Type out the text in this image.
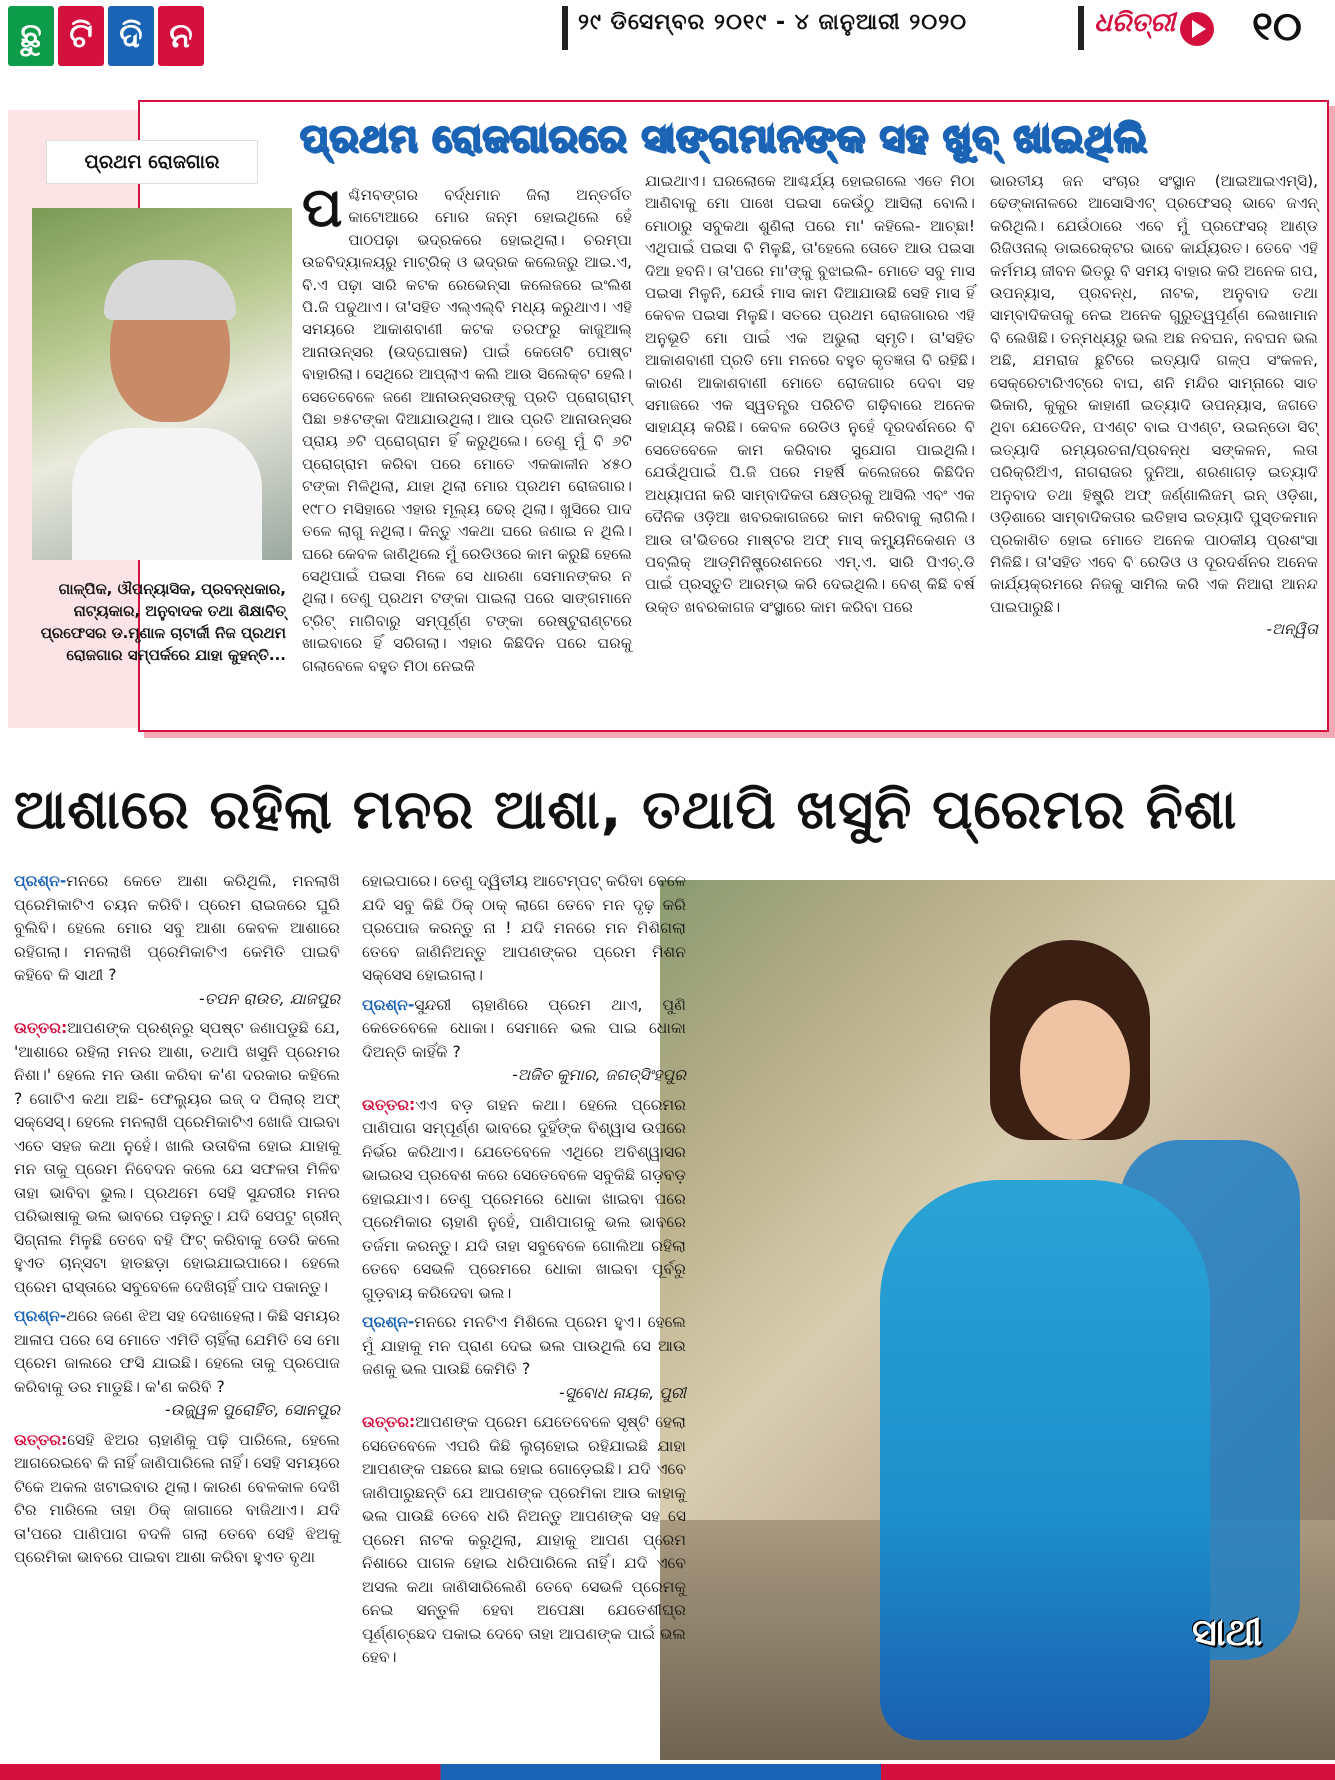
ଛୁ ଟି ଦି ନ	୨୯ ଡିସେମ୍ବର ୨୦୧୯ - ୪ ଜାନୁଆରୀ ୨୦୨୦	ଧରିତ୍ରୀ ୧୦
ପ୍ରଥମ ରୋଜଗାର
ଗାଳ୍ପିକ, ଔପନ୍ୟାସିକ, ପ୍ରବନ୍ଧକାର, ନାଟ୍ୟକାର, ଅନୁବାଦକ ତଥା ଶିକ୍ଷାବିତ୍ ପ୍ରଫେସର ଡ.ମୃଣାଳ ଚାଟାର୍ଜୀ ନିଜ ପ୍ରଥମ ରୋଜଗାର ସମ୍ପର୍କରେ ଯାହା କୁହନ୍ତି...
ପ୍ରଥମ ରୋଜଗାରରେ ସାଙ୍ଗମାନଙ୍କ ସହ ଖୁବ୍ ଖାଇଥିଲି
ପଶ୍ଚିମବଙ୍ଗର ବର୍ଦ୍ଧମାନ ଜିଲା ଅନ୍ତର୍ଗତ କାଟୋଆରେ ମୋର ଜନ୍ମ ହୋଇଥିଲେ ହେଁ ପାଠପଢ଼ା ଭଦ୍ରକରେ ହୋଇଥିଲା। ଚରମ୍ପା ଉଚ୍ଚବିଦ୍ୟାଳୟରୁ ମାଟ୍ରିକ୍ ଓ ଭଦ୍ରକ କଲେଜରୁ ଆଇ.ଏ, ବି.ଏ ପଢ଼ା ସାରି କଟକ ରେଭେନ୍ସା କଲେଜରେ ଇଂଲିଶ ପି.ଜି ପଢୁଥାଏ। ତା'ସହିତ ଏଲ୍ଏଲ୍‌ବି ମଧ୍ୟ କରୁଥାଏ। ଏହି ସମୟରେ ଆକାଶବାଣୀ କଟକ ତରଫରୁ କାଜୁଆଲ୍ ଆନାଉନ୍ସର (ଉଦ୍‌ଘୋଷକ) ପାଇଁ କେତୋଟି ପୋଷ୍ଟ ବାହାରିଲା। ସେଥିରେ ଆପ୍ଲାଏ କଲି ଆଉ ସିଲେକ୍ଟ ହେଲି। ସେତେବେଳେ ଜଣେ ଆନାଉନ୍ସରଙ୍କୁ ପ୍ରତି ପ୍ରୋଗ୍ରାମ୍ ପିଛା ୭୫ଟଙ୍କା ଦିଆଯାଉଥିଲା। ଆଉ ପ୍ରତି ଆନାଉନ୍ସର ପ୍ରାୟ ୬ଟି ପ୍ରୋଗ୍ରାମ ହିଁ କରୁଥିଲେ। ତେଣୁ ମୁଁ ବି ୬ଟି ପ୍ରୋଗ୍ରାମ କରିବା ପରେ ମୋତେ ଏକକାଳୀନ ୪୫୦ ଟଙ୍କା ମିଳିଥିଲା, ଯାହା ଥିଲା ମୋର ପ୍ରଥମ ରୋଜଗାର। ୧୯୮୦ ମସିହାରେ ଏହାର ମୂଲ୍ୟ ଢେର୍ ଥିଲା। ଖୁସିରେ ପାଦ ତଳେ ଲାଗୁ ନଥିଲା। କିନ୍ତୁ ଏକଥା ଘରେ ଜଣାଇ ନ ଥିଲି। ଘରେ କେବଳ ଜାଣିଥିଲେ ମୁଁ ରେଡିଓରେ କାମ କରୁଛି ହେଲେ ସେଥିପାଇଁ ପଇସା ମିଳେ ସେ ଧାରଣା ସେମାନଙ୍କର ନ ଥିଲା। ତେଣୁ ପ୍ରଥମ ଟଙ୍କା ପାଇଲା ପରେ ସାଙ୍ଗମାନେ ଟ୍ରିଟ୍ ମାଗିବାରୁ ସମ୍ପୂର୍ଣ୍ଣ ଟଙ୍କା ରେଷ୍ଟୁରାଣ୍ଟରେ ଖାଇବାରେ ହିଁ ସରିଗଲା। ଏହାର କିଛିଦିନ ପରେ ଘରକୁ ଗଲାବେଳେ ବହୁତ ମିଠା ନେଇକି
ଯାଇଥାଏ। ଘରଲୋକେ ଆଶ୍ଚର୍ଯ୍ୟ ହୋଇଗଲେ ଏତେ ମିଠା ଆଣିବାକୁ ମୋ ପାଖେ ପଇସା କେଉଁଠୁ ଆସିଲା ବୋଲି। ମୋଠାରୁ ସବୁକଥା ଶୁଣିଲା ପରେ ମା' କହିଲେ- ଆଚ୍ଛା! ଏଥିପାଇଁ ପଇସା ବି ମିଳୁଛି, ତା'ହେଲେ ତୋତେ ଆଉ ପଇସା ଦିଆ ହବନି। ତା'ପରେ ମା'ଙ୍କୁ ବୁଝାଇଲି- ମୋତେ ସବୁ ମାସ ପଇସା ମିଳୁନି, ଯେଉଁ ମାସ କାମ ଦିଆଯାଉଛି ସେହି ମାସ ହିଁ କେବଳ ପଇସା ମିଳୁଛି। ସତରେ ପ୍ରଥମ ରୋଜଗାରର ଏହି ଅନୁଭୂତି ମୋ ପାଇଁ ଏକ ଅଭୁଲା ସ୍ମୃତି। ତା'ସହିତ ଆକାଶବାଣୀ ପ୍ରତି ମୋ ମନରେ ବହୁତ କୃତଜ୍ଞତା ବି ରହିଛି। କାରଣ ଆକାଶବାଣୀ ମୋତେ ରୋଜଗାର ଦେବା ସହ ସମାଜରେ ଏକ ସ୍ୱତନ୍ତ୍ର ପରିଚିତି ଗଢ଼ିବାରେ ଅନେକ ସାହାଯ୍ୟ କରିଛି। କେବଳ ରେଡିଓ ନୁହେଁ ଦୂରଦର୍ଶନରେ ବି ସେତେବେଳେ କାମ କରିବାର ସୁଯୋଗ ପାଇଥିଲି। ଯେଉଁଥିପାଇଁ ପି.ଜି ପରେ ମହର୍ଷି କଲେଜରେ କିଛିଦିନ ଅଧ୍ୟାପନା କରି ସାମ୍ବାଦିକତା କ୍ଷେତ୍ରକୁ ଆସିଲି ଏବଂ ଏକ ଦୈନିକ ଓଡ଼ିଆ ଖବରକାଗଜରେ କାମ କରିବାକୁ ଲାଗିଲି। ଆଉ ତା'ଭିତରେ ମାଷ୍ଟର ଅଫ୍ ମାସ୍ କମ୍ୟୁନିକେଶନ ଓ ପବ୍ଲିକ୍ ଆଡ୍‌ମିନିଷ୍ଟ୍ରେଶନରେ ଏମ୍.ଏ. ସାରି ପିଏଚ୍.ଡି ପାଇଁ ପ୍ରସ୍ତୁତି ଆରମ୍ଭ କରି ଦେଇଥିଲି। ବେଶ୍ କିଛି ବର୍ଷ ଉକ୍ତ ଖବରକାଗଜ ସଂସ୍ଥାରେ କାମ କରିବା ପରେ
ଭାରତୀୟ ଜନ ସଂଚାର ସଂସ୍ଥାନ (ଆଇଆଇଏମ୍‌ସି), ଢେଙ୍କାନାଳରେ ଆସୋସିଏଟ୍ ପ୍ରଫେସର୍ ଭାବେ ଜଏନ୍ କରିଥିଲି। ଯେଉଁଠାରେ ଏବେ ମୁଁ ପ୍ରଫେସର୍ ଆଣ୍ଡ ରିଜିଓନାଲ୍ ଡାଇରେକ୍ଟର ଭାବେ କାର୍ଯ୍ୟରତ। ତେବେ ଏହି କର୍ମମୟ ଜୀବନ ଭିତରୁ ବି ସମୟ ବାହାର କରି ଅନେକ ଗପ, ଉପନ୍ୟାସ, ପ୍ରବନ୍ଧ, ନାଟକ, ଅନୁବାଦ ତଥା ସାମ୍ବାଦିକତାକୁ ନେଇ ଅନେକ ଗୁରୁତ୍ୱପୂର୍ଣ୍ଣ ଲେଖାମାନ ବି ଲେଖିଛି। ତନ୍ମଧ୍ୟରୁ ଭଲ ଅଛ ନବଘନ, ନବଘନ ଭଲ ଅଛି, ଯମରାଜ ଛୁଟିରେ ଇତ୍ୟାଦି ଗଳ୍ପ ସଂକଳନ, ସେକ୍ରେଟାରିଏଟ୍‌ରେ ବାଘ, ଶନି ମନ୍ଦିର ସାମ୍ନାରେ ସାତ ଭିକାରି, କୁକୁର କାହାଣୀ ଇତ୍ୟାଦି ଉପନ୍ୟାସ, ଜଗତେ ଥିବା ଯେତେଦିନ, ପଏଣ୍ଟ ବାଇ ପଏଣ୍ଟ, ଉଇନ୍‌ଡୋ ସିଟ୍ ଇତ୍ୟାଦି ରମ୍ୟରଚନା/ପ୍ରବନ୍ଧ ସଙ୍କଳନ, ଲତା ପରିକ୍ରିଅିଏ, ନାଗରାଜର ଦୁନିଆ, ଶରଣାଗଡ଼ ଇତ୍ୟାଦି ଅନୁବାଦ ତଥା ହିଷ୍ଟ୍ରି ଅଫ୍ ଜର୍ଣ୍ଣାଲିଜମ୍ ଇନ୍ ଓଡ଼ିଶା, ଓଡ଼ିଶାରେ ସାମ୍ବାଦିକତାର ଇତିହାସ ଇତ୍ୟାଦି ପୁସ୍ତକମାନ ପ୍ରକାଶିତ ହୋଇ ମୋତେ ଅନେକ ପାଠକୀୟ ପ୍ରଶଂସା ମିଳିଛି। ତା'ସହିତ ଏବେ ବି ରେଡିଓ ଓ ଦୂରଦର୍ଶନର ଅନେକ କାର୍ଯ୍ୟକ୍ରମରେ ନିଜକୁ ସାମିଲ କରି ଏକ ନିଆରା ଆନନ୍ଦ ପାଇପାରୁଛି।
-ଅନ୍ୱିତା
ଆଶାରେ ରହିଲା ମନର ଆଶା, ତଥାପି ଖସୁନି ପ୍ରେମର ନିଶା
ପ୍ରଶ୍ନ-ମନରେ କେତେ ଆଶା କରିଥିଲି, ମନଲାଖି ପ୍ରେମିକାଟିଏ ଚୟନ କରିବି। ପ୍ରେମ ରାଇଜରେ ଘୁରି ବୁଲିବି। ହେଲେ ମୋର ସବୁ ଆଶା କେବଳ ଆଶାରେ ରହିଗଲା। ମନଲାଖି ପ୍ରେମିକାଟିଏ କେମିତି ପାଇବି କହିବେ କି ସାଥୀ ?
-ତପନ ରାଉତ, ଯାଜପୁର
ଉତ୍ତର:ଆପଣଙ୍କ ପ୍ରଶ୍ନରୁ ସ୍ପଷ୍ଟ ଜଣାପଡୁଛି ଯେ, 'ଆଶାରେ ରହିଲା ମନର ଆଶା, ତଥାପି ଖସୁନି ପ୍ରେମର ନିଶା।' ହେଲେ ମନ ଊଣା କରିବା କ'ଣ ଦରକାର କହିଲେ ? ଗୋଟିଏ କଥା ଅଛି- ଫେଲ୍ୟୁର ଇଜ୍ ଦ ପିଲାର୍ ଅଫ୍ ସକ୍‌ସେସ୍। ହେଲେ ମନଲାଖି ପ୍ରେମିକାଟିଏ ଖୋଜି ପାଇବା ଏତେ ସହଜ କଥା ନୁହେଁ। ଖାଲି ଉତାବିଳା ହୋଇ ଯାହାକୁ ମନ ତାକୁ ପ୍ରେମ ନିବେଦନ କଲେ ଯେ ସଫଳତା ମିଳିବ ତାହା ଭାବିବା ଭୁଲ। ପ୍ରଥମେ ସେହି ସୁନ୍ଦରୀର ମନର ପରିଭାଷାକୁ ଭଲ ଭାବରେ ପଢ଼ନ୍ତୁ। ଯଦି ସେପଟୁ ଗ୍ରୀନ୍ ସିଗ୍‌ନାଲ ମିଳୁଛି ତେବେ ବହି ଫିଟ୍ କରିବାକୁ ଡେରି କଲେ ହୁଏତ ଚାନ୍ସଟା ହାତଛଡ଼ା ହୋଇଯାଇପାରେ। ହେଲେ ପ୍ରେମ ରାସ୍ତାରେ ସବୁବେଳେ ଦେଖିଚାହିଁ ପାଦ ପକାନ୍ତୁ।
ପ୍ରଶ୍ନ-ଥରେ ଜଣେ ଝିଅ ସହ ଦେଖାହେଲା। କିଛି ସମୟର ଆଳାପ ପରେ ସେ ମୋତେ ଏମିତି ଚାହିଁଲା ଯେମିତି ସେ ମୋ ପ୍ରେମ ଜାଲରେ ଫସି ଯାଇଛି। ହେଲେ ତାକୁ ପ୍ରପୋଜ କରିବାକୁ ଡର ମାଡୁଛି। କ'ଣ କରିବି ?
-ଉଜ୍ଜ୍ୱଳ ପୁରୋହିତ, ସୋନପୁର
ଉତ୍ତର:ସେହି ଝିଅର ଚାହାଣିକୁ ପଢ଼ି ପାରିଲେ, ହେଲେ ଆଗରେଇବେ କି ନାହିଁ ଜାଣିପାରିଲେ ନାହିଁ। ସେହି ସମୟରେ ଟିକେ ଅକଲ ଖଟାଇବାର ଥିଲା। କାରଣ ବେଳକାଳ ଦେଖି ଟିର ମାରିଲେ ତାହା ଠିକ୍ ଜାଗାରେ ବାଜିଥାଏ। ଯଦି ତା'ପରେ ପାଣିପାଗ ବଦଳି ଗଲା ତେବେ ସେହି ଝିଅକୁ ପ୍ରେମିକା ଭାବରେ ପାଇବା ଆଶା କରିବା ହୁଏତ ବୃଥା
ହୋଇପାରେ। ତେଣୁ ଦ୍ୱିତୀୟ ଆଟେମ୍ପଟ୍ କରିବା ବେଳେ ଯଦି ସବୁ କିଛି ଠିକ୍ ଠାକ୍ ଲାଗେ ତେବେ ମନ ଦୃଢ଼ କରି ପ୍ରପୋଜ କରନ୍ତୁ ନା ! ଯଦି ମନରେ ମନ ମିଶିଗଲା ତେବେ ଜାଣିନିଅନ୍ତୁ ଆପଣଙ୍କର ପ୍ରେମ ମିଶନ ସକ୍‌ସେସ ହୋଇଗଲା।
ପ୍ରଶ୍ନ-ସୁନ୍ଦରୀ ଚାହାଣିରେ ପ୍ରେମ ଥାଏ, ପୁଣି କେତେବେଳେ ଧୋକା। ସେମାନେ ଭଲ ପାଇ ଧୋକା ଦିଅନ୍ତି କାହିଁକି ?
-ଅଜିତ କୁମାର, ଜଗତ୍‌ସିଂହପୁର
ଉତ୍ତର:ଏଏ ବଡ଼ ଗହନ କଥା। ହେଲେ ପ୍ରେମର ପାଣିପାଗ ସମ୍ପୂର୍ଣ୍ଣ ଭାବରେ ଦୁହିଁଙ୍କ ବିଶ୍ୱାସ ଉପରେ ନିର୍ଭର କରିଥାଏ। ଯେତେବେଳେ ଏଥିରେ ଅବିଶ୍ୱାସର ଭାଇରସ ପ୍ରବେଶ କରେ ସେତେବେଳେ ସବୁକିଛି ଗଡ଼ବଡ଼ ହୋଇଯାଏ। ତେଣୁ ପ୍ରେମରେ ଧୋକା ଖାଇବା ପରେ ପ୍ରେମିକାର ଚାହାଣି ନୁହେଁ, ପାଣିପାଗକୁ ଭଲ ଭାବରେ ତର୍ଜମା କରନ୍ତୁ। ଯଦି ତାହା ସବୁବେଳେ ଗୋଲିଆ ରହିଲା ତେବେ ସେଭଳି ପ୍ରେମରେ ଧୋକା ଖାଇବା ପୂର୍ବରୁ ଗୁଡ଼ବାୟ କରିଦେବା ଭଲ।
ପ୍ରଶ୍ନ-ମନରେ ମନଟିଏ ମିଶିଲେ ପ୍ରେମ ହୁଏ। ହେଲେ ମୁଁ ଯାହାକୁ ମନ ପ୍ରାଣ ଦେଇ ଭଲ ପାଉଥିଲି ସେ ଆଉ ଜଣକୁ ଭଲ ପାଉଛି କେମିତି ?
-ସୁବୋଧ ନାୟକ, ପୁରୀ
ଉତ୍ତର:ଆପଣଙ୍କ ପ୍ରେମ ଯେତେବେଳେ ସୃଷ୍ଟି ହେଲା ସେତେବେଳେ ଏପରି କିଛି ଲୁଚାହୋଇ ରହିଯାଇଛି ଯାହା ଆପଣଙ୍କ ପଛରେ ଛାଇ ହୋଇ ଗୋଡ଼େଇଛି। ଯଦି ଏବେ ଜାଣିପାରୁଛନ୍ତି ଯେ ଆପଣଙ୍କ ପ୍ରେମିକା ଆଉ କାହାକୁ ଭଲ ପାଉଛି ତେବେ ଧରି ନିଅନ୍ତୁ ଆପଣଙ୍କ ସହ ସେ ପ୍ରେମ ନାଟକ କରୁଥିଲା, ଯାହାକୁ ଆପଣ ପ୍ରେମ ନିଶାରେ ପାଗଳ ହୋଇ ଧରିପାରିଲେ ନାହିଁ। ଯଦି ଏବେ ଅସଲ କଥା ଜାଣିସାରିଲେଣି ତେବେ ସେଭଳି ପ୍ରେମକୁ ନେଇ ସନ୍ତୁଳି ହେବା ଅପେକ୍ଷା ଯେତେଶୀଘ୍ର ପୂର୍ଣ୍ଣଚ୍ଛେଦ ପକାଇ ଦେବେ ତାହା ଆପଣଙ୍କ ପାଇଁ ଭଲ ହେବ।
ସାଥୀ
